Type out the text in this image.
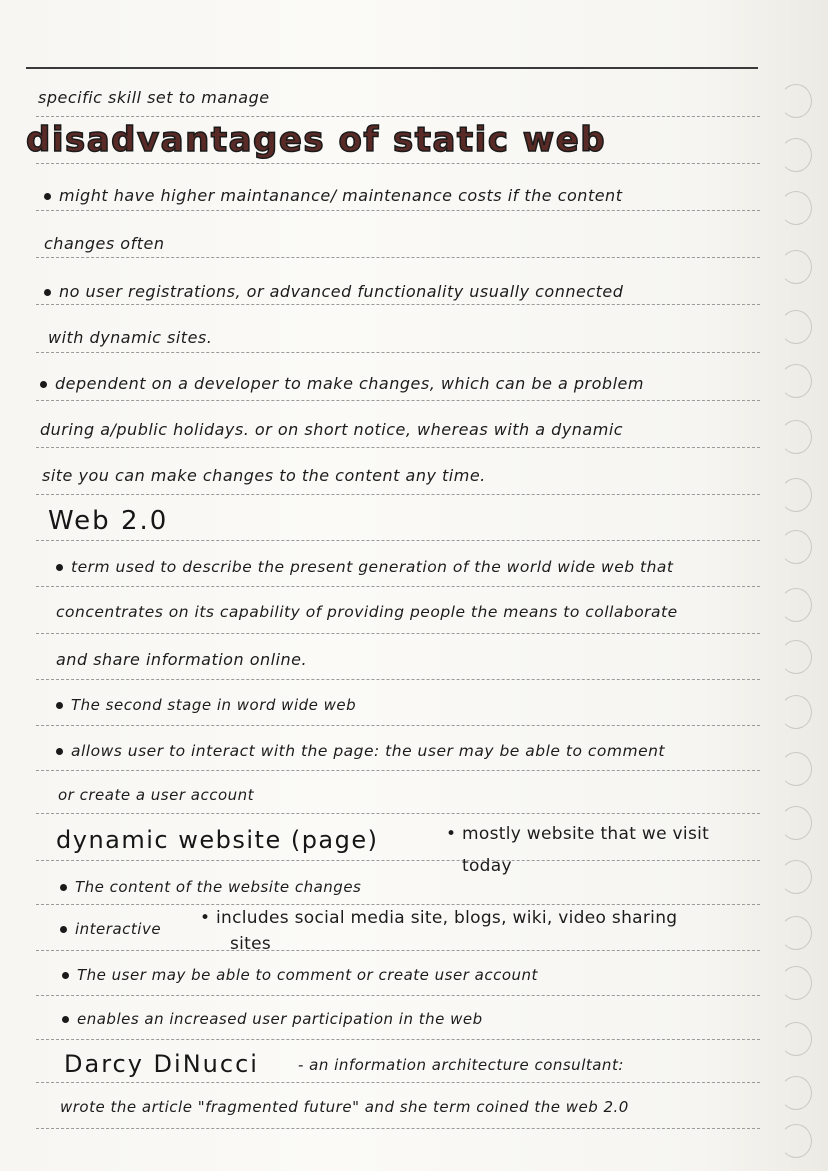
specific skill set to manage
disadvantages of static web
might have higher maintanance/ maintenance costs if the content
changes often
no user registrations, or advanced functionality usually connected
with dynamic sites.
dependent on a developer to make changes, which can be a problem
during a/public holidays. or on short notice, whereas with a dynamic
site you can make changes to the content any time.
Web 2.0
term used to describe the present generation of the world wide web that
concentrates on its capability of providing people the means to collaborate
and share information online.
The second stage in word wide web
allows user to interact with the page: the user may be able to comment
or create a user account
dynamic website (page)	• mostly website that we visit
today
The content of the website changes
interactive
• includes social media site, blogs, wiki, video sharing
sites
The user may be able to comment or create user account
enables an increased user participation in the web
Darcy DiNucci	- an information architecture consultant:
wrote the article "fragmented future" and she term coined the web 2.0
